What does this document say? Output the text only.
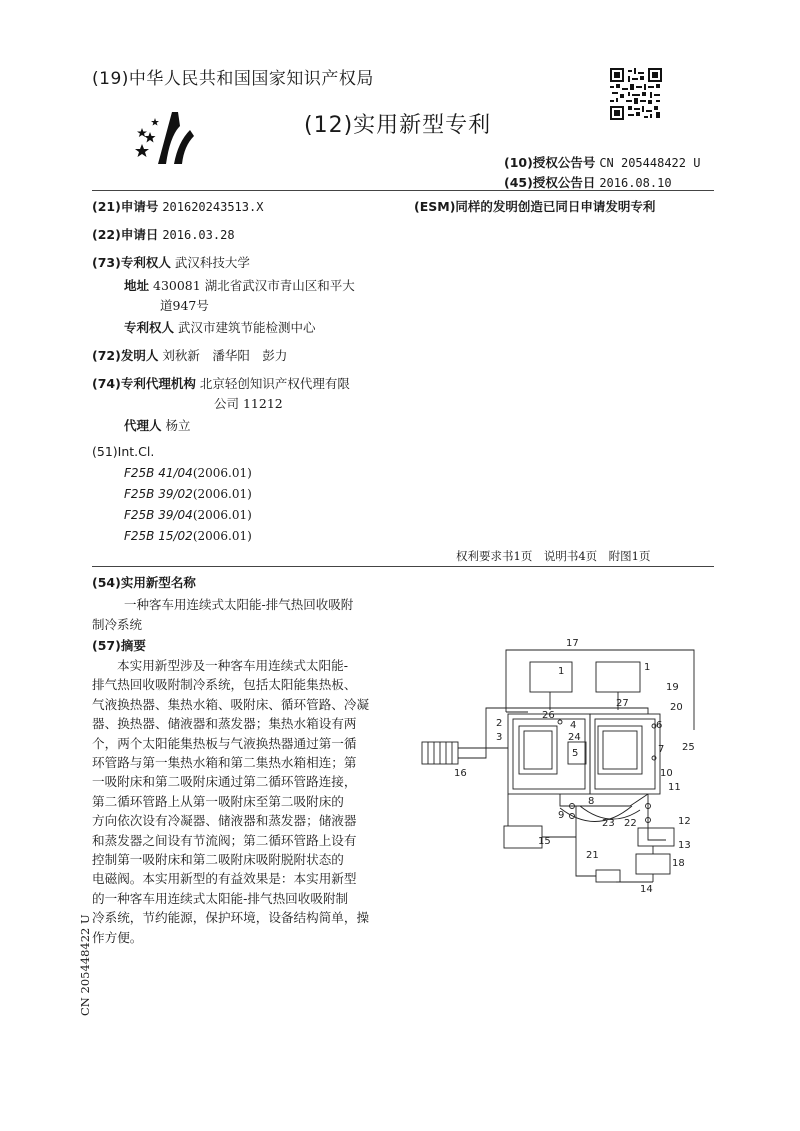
(19)中华人民共和国国家知识产权局
(12)实用新型专利
(10)授权公告号 CN 205448422 U
(45)授权公告日 2016.08.10
(21)申请号 201620243513.X	(ESM)同样的发明创造已同日申请发明专利
(22)申请日 2016.03.28
(73)专利权人 武汉科技大学
地址 430081 湖北省武汉市青山区和平大
道947号
专利权人 武汉市建筑节能检测中心
(72)发明人 刘秋新　潘华阳　彭力
(74)专利代理机构 北京轻创知识产权代理有限
公司 11212
代理人 杨立
(51)Int.Cl.
F25B 41/04(2006.01)
F25B 39/02(2006.01)
F25B 39/04(2006.01)
F25B 15/02(2006.01)
权利要求书1页　说明书4页　附图1页
(54)实用新型名称
一种客车用连续式太阳能-排气热回收吸附
制冷系统
(57)摘要
本实用新型涉及一种客车用连续式太阳能-
排气热回收吸附制冷系统，包括太阳能集热板、
气液换热器、集热水箱、吸附床、循环管路、冷凝
器、换热器、储液器和蒸发器；集热水箱设有两
个，两个太阳能集热板与气液换热器通过第一循
环管路与第一集热水箱和第二集热水箱相连；第
一吸附床和第二吸附床通过第二循环管路连接，
第二循环管路上从第一吸附床至第二吸附床的
方向依次设有冷凝器、储液器和蒸发器；储液器
和蒸发器之间设有节流阀；第二循环管路上设有
控制第一吸附床和第二吸附床吸附脱附状态的
电磁阀。本实用新型的有益效果是：本实用新型
的一种客车用连续式太阳能-排气热回收吸附制
冷系统，节约能源，保护环境，设备结构简单，操
作方便。
CN 205448422 U
17
1	1
27
19
20
2
26
4
3	24
5
6
25
16
7
10
8
11
9
23 22	12
15
21
13
18
14
